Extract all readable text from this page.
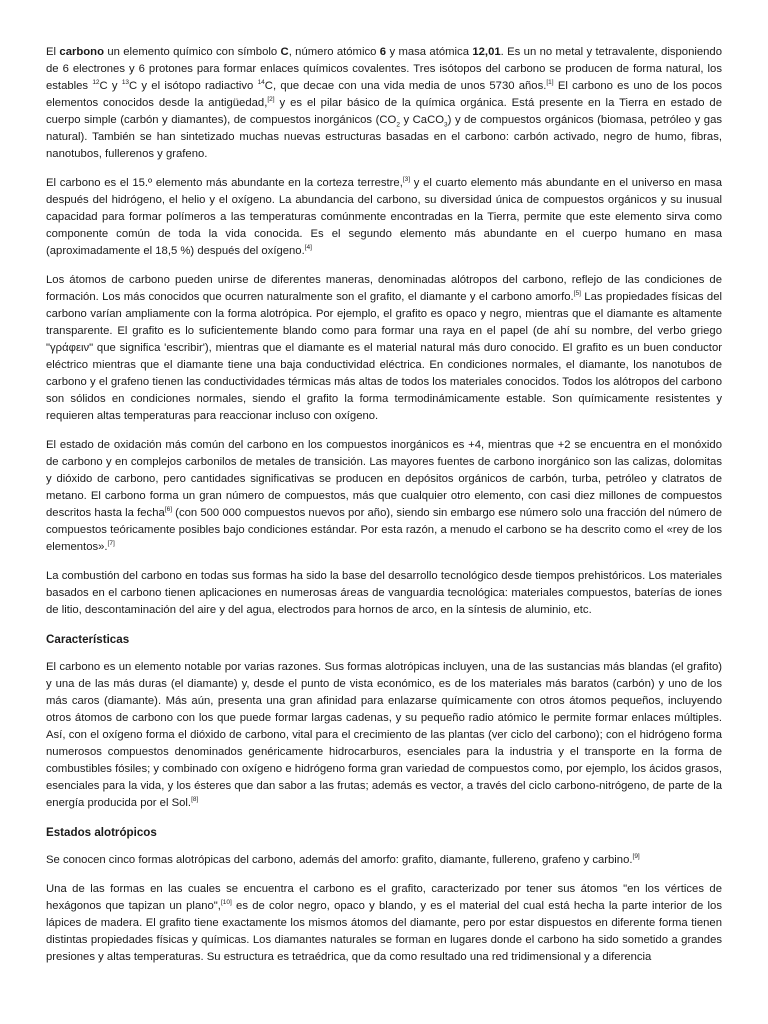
El carbono un elemento químico con símbolo C, número atómico 6 y masa atómica 12,01. Es un no metal y tetravalente, disponiendo de 6 electrones y 6 protones para formar enlaces químicos covalentes. Tres isótopos del carbono se producen de forma natural, los estables $^{12}$C y $^{13}$C y el isótopo radiactivo $^{14}$C, que decae con una vida media de unos 5730 años.[1] El carbono es uno de los pocos elementos conocidos desde la antigüedad,[2] y es el pilar básico de la química orgánica. Está presente en la Tierra en estado de cuerpo simple (carbón y diamantes), de compuestos inorgánicos ($CO_2$ y CaCO$_3$) y de compuestos orgánicos (biomasa, petróleo y gas natural). También se han sintetizado muchas nuevas estructuras basadas en el carbono: carbón activado, negro de humo, fibras, nanotubos, fullerenos y grafeno.

El carbono es el 15.º elemento más abundante en la corteza terrestre,[3] y el cuarto elemento más abundante en el universo en masa después del hidrógeno, el helio y el oxígeno. La abundancia del carbono, su diversidad única de compuestos orgánicos y su inusual capacidad para formar polímeros a las temperaturas comúnmente encontradas en la Tierra, permite que este elemento sirva como componente común de toda la vida conocida. Es el segundo elemento más abundante en el cuerpo humano en masa (aproximadamente el 18,5 %) después del oxígeno.[4]

Los átomos de carbono pueden unirse de diferentes maneras, denominadas alótropos del carbono, reflejo de las condiciones de formación. Los más conocidos que ocurren naturalmente son el grafito, el diamante y el carbono amorfo.[5] Las propiedades físicas del carbono varían ampliamente con la forma alotrópica. Por ejemplo, el grafito es opaco y negro, mientras que el diamante es altamente transparente. El grafito es lo suficientemente blando como para formar una raya en el papel (de ahí su nombre, del verbo griego "γράφειν" que significa 'escribir'), mientras que el diamante es el material natural más duro conocido. El grafito es un buen conductor eléctrico mientras que el diamante tiene una baja conductividad eléctrica. En condiciones normales, el diamante, los nanotubos de carbono y el grafeno tienen las conductividades térmicas más altas de todos los materiales conocidos. Todos los alótropos del carbono son sólidos en condiciones normales, siendo el grafito la forma termodinámicamente estable. Son químicamente resistentes y requieren altas temperaturas para reaccionar incluso con oxígeno.

El estado de oxidación más común del carbono en los compuestos inorgánicos es +4, mientras que +2 se encuentra en el monóxido de carbono y en complejos carbonilos de metales de transición. Las mayores fuentes de carbono inorgánico son las calizas, dolomitas y dióxido de carbono, pero cantidades significativas se producen en depósitos orgánicos de carbón, turba, petróleo y clatratos de metano. El carbono forma un gran número de compuestos, más que cualquier otro elemento, con casi diez millones de compuestos descritos hasta la fecha[6] (con 500 000 compuestos nuevos por año), siendo sin embargo ese número solo una fracción del número de compuestos teóricamente posibles bajo condiciones estándar. Por esta razón, a menudo el carbono se ha descrito como el «rey de los elementos».[7]

La combustión del carbono en todas sus formas ha sido la base del desarrollo tecnológico desde tiempos prehistóricos. Los materiales basados en el carbono tienen aplicaciones en numerosas áreas de vanguardia tecnológica: materiales compuestos, baterías de iones de litio, descontaminación del aire y del agua, electrodos para hornos de arco, en la síntesis de aluminio, etc.

Características

El carbono es un elemento notable por varias razones. Sus formas alotrópicas incluyen, una de las sustancias más blandas (el grafito) y una de las más duras (el diamante) y, desde el punto de vista económico, es de los materiales más baratos (carbón) y uno de los más caros (diamante). Más aún, presenta una gran afinidad para enlazarse químicamente con otros átomos pequeños, incluyendo otros átomos de carbono con los que puede formar largas cadenas, y su pequeño radio atómico le permite formar enlaces múltiples. Así, con el oxígeno forma el dióxido de carbono, vital para el crecimiento de las plantas (ver ciclo del carbono); con el hidrógeno forma numerosos compuestos denominados genéricamente hidrocarburos, esenciales para la industria y el transporte en la forma de combustibles fósiles; y combinado con oxígeno e hidrógeno forma gran variedad de compuestos como, por ejemplo, los ácidos grasos, esenciales para la vida, y los ésteres que dan sabor a las frutas; además es vector, a través del ciclo carbono-nitrógeno, de parte de la energía producida por el Sol.[8]

Estados alotrópicos

Se conocen cinco formas alotrópicas del carbono, además del amorfo: grafito, diamante, fullereno, grafeno y carbino.[9]

Una de las formas en las cuales se encuentra el carbono es el grafito, caracterizado por tener sus átomos "en los vértices de hexágonos que tapizan un plano",[10] es de color negro, opaco y blando, y es el material del cual está hecha la parte interior de los lápices de madera. El grafito tiene exactamente los mismos átomos del diamante, pero por estar dispuestos en diferente forma tienen distintas propiedades físicas y químicas. Los diamantes naturales se forman en lugares donde el carbono ha sido sometido a grandes presiones y altas temperaturas. Su estructura es tetraédrica, que da como resultado una red tridimensional y a diferencia
